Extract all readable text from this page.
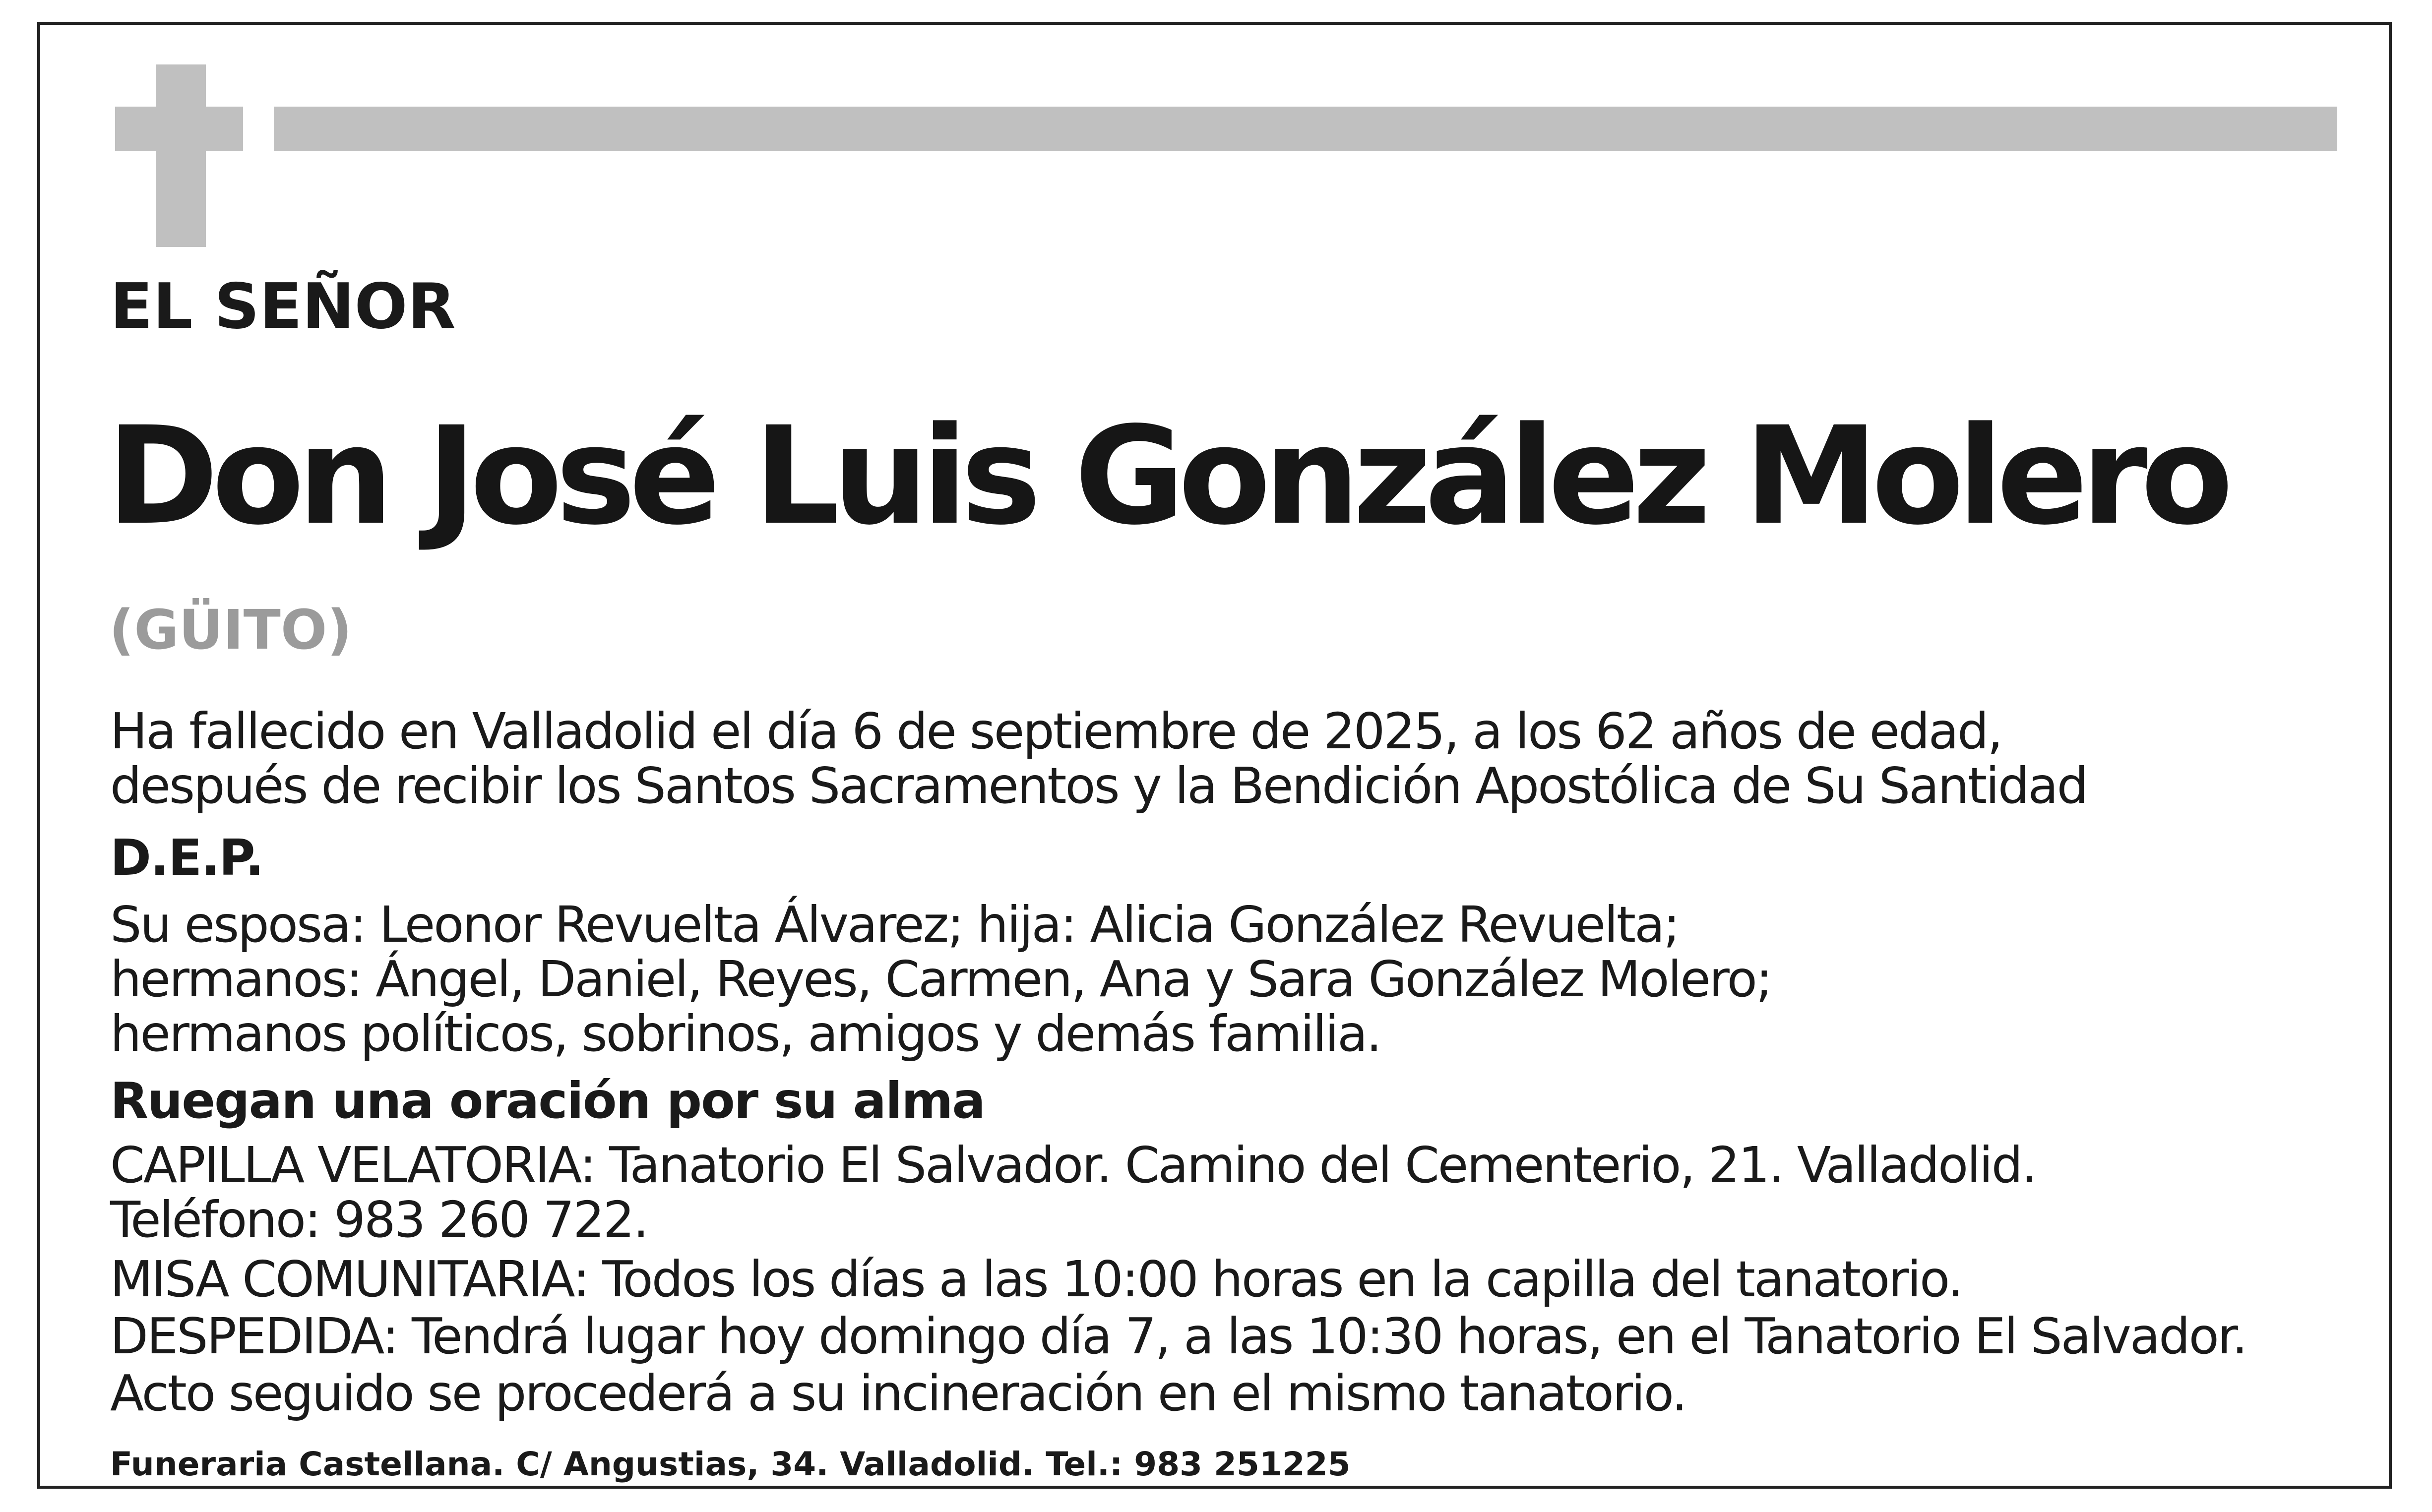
EL SEÑOR
Don José Luis González Molero
(GÜITO)
Ha fallecido en Valladolid el día 6 de septiembre de 2025, a los 62 años de edad,
después de recibir los Santos Sacramentos y la Bendición Apostólica de Su Santidad
D.E.P.
Su esposa: Leonor Revuelta Álvarez; hija: Alicia González Revuelta;
hermanos: Ángel, Daniel, Reyes, Carmen, Ana y Sara González Molero;
hermanos políticos, sobrinos, amigos y demás familia.
Ruegan una oración por su alma
CAPILLA VELATORIA: Tanatorio El Salvador. Camino del Cementerio, 21. Valladolid.
Teléfono: 983 260 722.
MISA COMUNITARIA: Todos los días a las 10:00 horas en la capilla del tanatorio.
DESPEDIDA: Tendrá lugar hoy domingo día 7, a las 10:30 horas, en el Tanatorio El Salvador.
Acto seguido se procederá a su incineración en el mismo tanatorio.
Funeraria Castellana. C/ Angustias, 34. Valladolid. Tel.: 983 251225
